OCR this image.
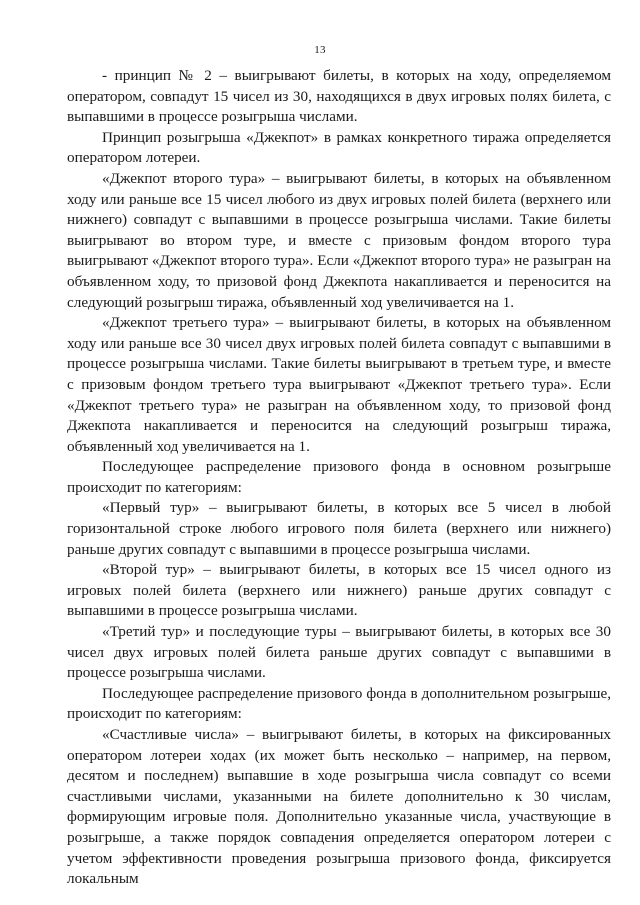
13

- принцип № 2 – выигрывают билеты, в которых на ходу, определяемом оператором, совпадут 15 чисел из 30, находящихся в двух игровых полях билета, с выпавшими в процессе розыгрыша числами.

Принцип розыгрыша «Джекпот» в рамках конкретного тиража определяется оператором лотереи.

«Джекпот второго тура» – выигрывают билеты, в которых на объявленном ходу или раньше все 15 чисел любого из двух игровых полей билета (верхнего или нижнего) совпадут с выпавшими в процессе розыгрыша числами. Такие билеты выигрывают во втором туре, и вместе с призовым фондом второго тура выигрывают «Джекпот второго тура». Если «Джекпот второго тура» не разыгран на объявленном ходу, то призовой фонд Джекпота накапливается и переносится на следующий розыгрыш тиража, объявленный ход увеличивается на 1.

«Джекпот третьего тура» – выигрывают билеты, в которых на объявленном ходу или раньше все 30 чисел двух игровых полей билета совпадут с выпавшими в процессе розыгрыша числами. Такие билеты выигрывают в третьем туре, и вместе с призовым фондом третьего тура выигрывают «Джекпот третьего тура». Если «Джекпот третьего тура» не разыгран на объявленном ходу, то призовой фонд Джекпота накапливается и переносится на следующий розыгрыш тиража, объявленный ход увеличивается на 1.

Последующее распределение призового фонда в основном розыгрыше происходит по категориям:

«Первый тур» – выигрывают билеты, в которых все 5 чисел в любой горизонтальной строке любого игрового поля билета (верхнего или нижнего) раньше других совпадут с выпавшими в процессе розыгрыша числами.

«Второй тур» – выигрывают билеты, в которых все 15 чисел одного из игровых полей билета (верхнего или нижнего) раньше других совпадут с выпавшими в процессе розыгрыша числами.

«Третий тур» и последующие туры – выигрывают билеты, в которых все 30 чисел двух игровых полей билета раньше других совпадут с выпавшими в процессе розыгрыша числами.

Последующее распределение призового фонда в дополнительном розыгрыше, происходит по категориям:

«Счастливые числа» – выигрывают билеты, в которых на фиксированных оператором лотереи ходах (их может быть несколько – например, на первом, десятом и последнем) выпавшие в ходе розыгрыша числа совпадут со всеми счастливыми числами, указанными на билете дополнительно к 30 числам, формирующим игровые поля. Дополнительно указанные числа, участвующие в розыгрыше, а также порядок совпадения определяется оператором лотереи с учетом эффективности проведения розыгрыша призового фонда, фиксируется локальным
